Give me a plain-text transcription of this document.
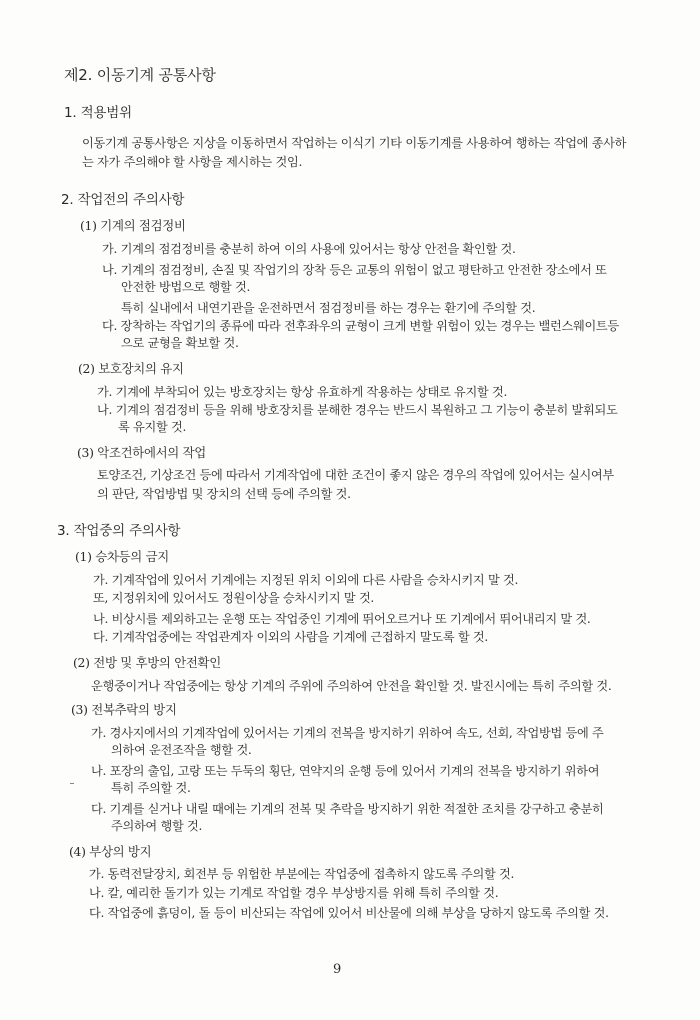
제2. 이동기계 공통사항
1. 적용범위
이동기계 공통사항은 지상을 이동하면서 작업하는 이식기 기타 이동기계를 사용하여 행하는 작업에 종사하
는 자가 주의해야 할 사항을 제시하는 것임.
2. 작업전의 주의사항
(1) 기계의 점검정비
가. 기계의 점검정비를 충분히 하여 이의 사용에 있어서는 항상 안전을 확인할 것.
나. 기계의 점검정비, 손질 및 작업기의 장착 등은 교통의 위험이 없고 평탄하고 안전한 장소에서 또
안전한 방법으로 행할 것.
특히 실내에서 내연기관을 운전하면서 점검정비를 하는 경우는 환기에 주의할 것.
다. 장착하는 작업기의 종류에 따라 전후좌우의 균형이 크게 변할 위험이 있는 경우는 밸런스웨이트등
으로 균형을 확보할 것.
(2) 보호장치의 유지
가. 기계에 부착되어 있는 방호장치는 항상 유효하게 작용하는 상태로 유지할 것.
나. 기계의 점검정비 등을 위해 방호장치를 분해한 경우는 반드시 복원하고 그 기능이 충분히 발휘되도
록 유지할 것.
(3) 악조건하에서의 작업
토양조건, 기상조건 등에 따라서 기계작업에 대한 조건이 좋지 않은 경우의 작업에 있어서는 실시여부
의 판단, 작업방법 및 장치의 선택 등에 주의할 것.
3. 작업중의 주의사항
(1) 승차등의 금지
가. 기계작업에 있어서 기계에는 지정된 위치 이외에 다른 사람을 승차시키지 말 것.
또, 지정위치에 있어서도 정원이상을 승차시키지 말 것.
나. 비상시를 제외하고는 운행 또는 작업중인 기계에 뛰어오르거나 또 기계에서 뛰어내리지 말 것.
다. 기계작업중에는 작업관계자 이외의 사람을 기계에 근접하지 말도록 할 것.
(2) 전방 및 후방의 안전확인
운행중이거나 작업중에는 항상 기계의 주위에 주의하여 안전을 확인할 것. 발진시에는 특히 주의할 것.
(3) 전복추락의 방지
가. 경사지에서의 기계작업에 있어서는 기계의 전복을 방지하기 위하여 속도, 선회, 작업방법 등에 주
의하여 운전조작을 행할 것.
나. 포장의 출입, 고랑 또는 두둑의 횡단, 연약지의 운행 등에 있어서 기계의 전복을 방지하기 위하여
특히 주의할 것.
다. 기계를 싣거나 내릴 때에는 기계의 전복 및 추락을 방지하기 위한 적절한 조치를 강구하고 충분히
주의하여 행할 것.
(4) 부상의 방지
가. 동력전달장치, 회전부 등 위험한 부분에는 작업중에 접촉하지 않도록 주의할 것.
나. 칼, 예리한 돌기가 있는 기계로 작업할 경우 부상방지를 위해 특히 주의할 것.
다. 작업중에 흙덩이, 돌 등이 비산되는 작업에 있어서 비산물에 의해 부상을 당하지 않도록 주의할 것.
9
